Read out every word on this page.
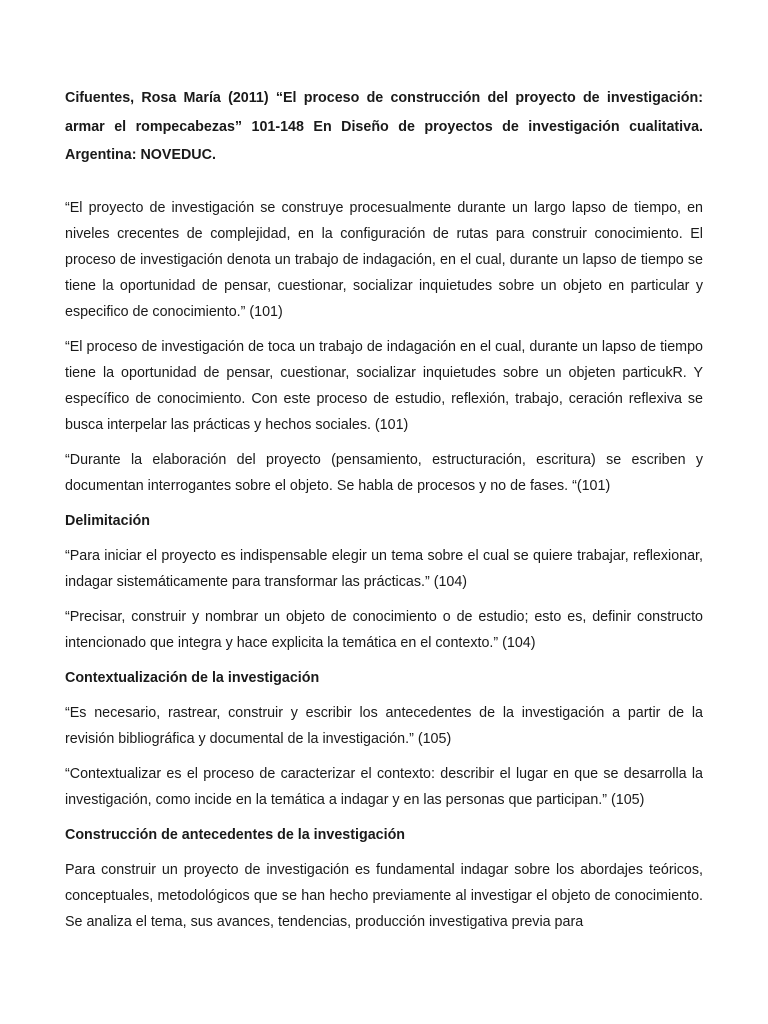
Cifuentes, Rosa María (2011) “El proceso de construcción del proyecto de investigación: armar el rompecabezas” 101-148 En Diseño de proyectos de investigación cualitativa. Argentina: NOVEDUC.

“El proyecto de investigación se construye procesualmente durante un largo lapso de tiempo, en niveles crecentes de complejidad, en la configuración de rutas para construir conocimiento. El proceso de investigación denota un trabajo de indagación, en el cual, durante un lapso de tiempo se tiene la oportunidad de pensar, cuestionar, socializar inquietudes sobre un objeto en particular y especifico de conocimiento.” (101)

“El proceso de investigación de toca un trabajo de indagación en el cual, durante un lapso de tiempo tiene la oportunidad de pensar, cuestionar, socializar inquietudes sobre un objeten particukR. Y específico de conocimiento. Con este proceso de estudio, reflexión, trabajo, ceración reflexiva se busca interpelar las prácticas y hechos sociales. (101)

“Durante la elaboración del proyecto (pensamiento, estructuración, escritura) se escriben y documentan interrogantes sobre el objeto. Se habla de procesos y no de fases. “(101)

Delimitación

“Para iniciar el proyecto es indispensable elegir un tema sobre el cual se quiere trabajar, reflexionar, indagar sistemáticamente para transformar las prácticas.” (104)

“Precisar, construir y nombrar un objeto de conocimiento o de estudio; esto es, definir constructo intencionado que integra y hace explicita la temática en el contexto.” (104)

Contextualización de la investigación

“Es necesario, rastrear, construir y escribir los antecedentes de la investigación a partir de la revisión bibliográfica y documental de la investigación.” (105)

“Contextualizar es el proceso de caracterizar el contexto: describir el lugar en que se desarrolla la investigación, como incide en la temática a indagar y en las personas que participan.” (105)

Construcción de antecedentes de la investigación

Para construir un proyecto de investigación es fundamental indagar sobre los abordajes teóricos, conceptuales, metodológicos que se han hecho previamente al investigar el objeto de conocimiento. Se analiza el tema, sus avances, tendencias, producción investigativa previa para
